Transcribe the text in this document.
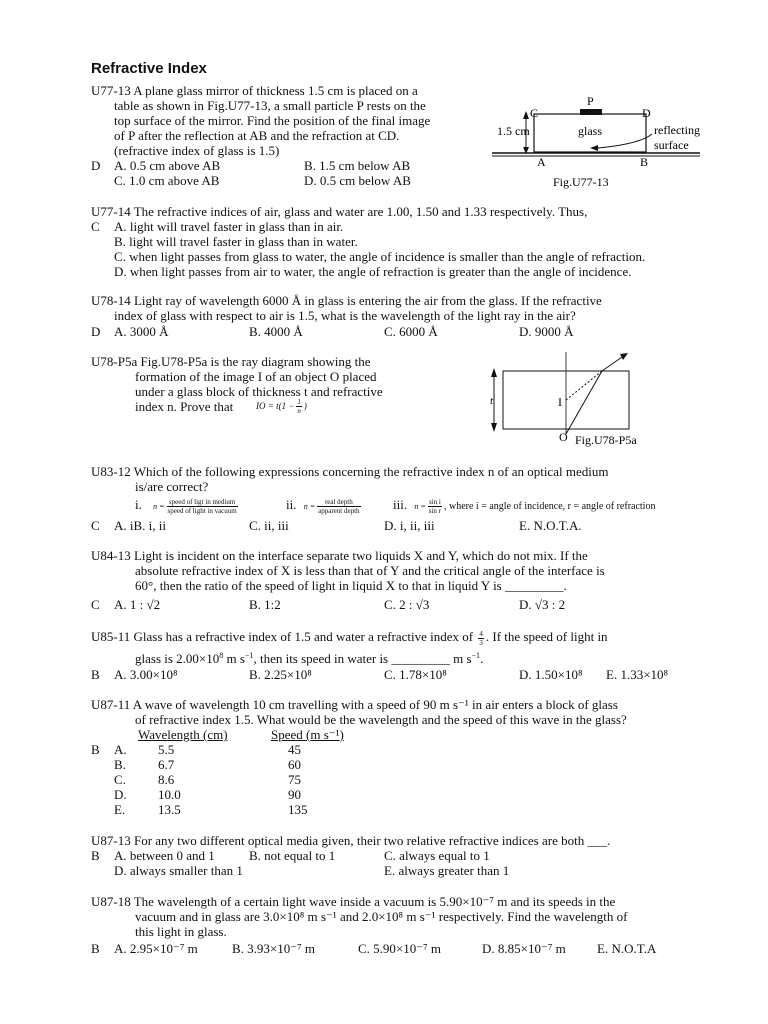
Refractive Index
U77-13 A plane glass mirror of thickness 1.5 cm is placed on a
table as shown in Fig.U77-13, a small particle P rests on the
top surface of the mirror. Find the position of the final image
of P after the reflection at AB and the refraction at CD.
(refractive index of glass is 1.5)
D A. 0.5 cm above AB	B. 1.5 cm below AB
C. 1.0 cm above AB	D. 0.5 cm below AB
P
C	D
A	B
1.5 cm	glass	reflecting
surface
Fig.U77-13
U77-14 The refractive indices of air, glass and water are 1.00, 1.50 and 1.33 respectively. Thus,
C A. light will travel faster in glass than in air.
B. light will travel faster in glass than in water.
C. when light passes from glass to water, the angle of incidence is smaller than the angle of refraction.
D. when light passes from air to water, the angle of refraction is greater than the angle of incidence.
U78-14 Light ray of wavelength 6000 Å in glass is entering the air from the glass. If the refractive
index of glass with respect to air is 1.5, what is the wavelength of the light ray in the air?
D A. 3000 Å	B. 4000 Å	C. 6000 Å	D. 9000 Å
U78-P5a Fig.U78-P5a is the ray diagram showing the
formation of the image I of an object O placed
under a glass block of thickness t and refractive
index n. Prove that	IO = $t(1 - \frac{1}{n}$ )	t	I
O Fig.U78-P5a
U83-12 Which of the following expressions concerning the refractive index n of an optical medium
is/are correct?
i. $n = \frac{\text{speed of ligt in medium}}{\text{speed of light in vacuum}}$	ii. $n = \frac{\text{real depth}}{\text{apparent depth}}$ iii. $n = \frac{\text{sin i}}{\text{sin r}}$ , where i = angle of incidence, r = angle of refraction
C A. iB. i, ii	C. ii, iii	D. i, ii, iii	E. N.O.T.A.
U84-13 Light is incident on the interface separate two liquids X and Y, which do not mix. If the
absolute refractive index of X is less than that of Y and the critical angle of the interface is
60°, then the ratio of the speed of light in liquid X to that in liquid Y is _________.
C A. 1 : √2	B. 1:2	C. 2 : √3	D. √3 : 2
U85-11 Glass has a refractive index of 1.5 and water a refractive index of $\frac{4}{3}$ . If the speed of light in
glass is $2.00\times 10^8$ m $s^{-1}$, then its speed in water is _________ m $s^{-1}$.
B A. 3.00×10⁸	B. 2.25×10⁸	C. 1.78×10⁸	D. 1.50×10⁸ E. 1.33×10⁸
U87-11 A wave of wavelength 10 cm travelling with a speed of 90 m s⁻¹ in air enters a block of glass
of refractive index 1.5. What would be the wavelength and the speed of this wave in the glass?
Wavelength (cm)	Speed (m s⁻¹)
B A. 5.5	45
B. 6.7	60
C. 8.6	75
D. 10.0	90
E.	13.5	135
U87-13 For any two different optical media given, their two relative refractive indices are both ___.
B A. between 0 and 1	B. not equal to 1	C. always equal to 1
D. always smaller than 1	E. always greater than 1
U87-18 The wavelength of a certain light wave inside a vacuum is 5.90×10⁻⁷ m and its speeds in the
vacuum and in glass are 3.0×10⁸ m s⁻¹ and 2.0×10⁸ m s⁻¹ respectively. Find the wavelength of
this light in glass.
B A. 2.95×10⁻⁷ m	B. 3.93×10⁻⁷ m	C. 5.90×10⁻⁷ m	D. 8.85×10⁻⁷ m E. N.O.T.A
